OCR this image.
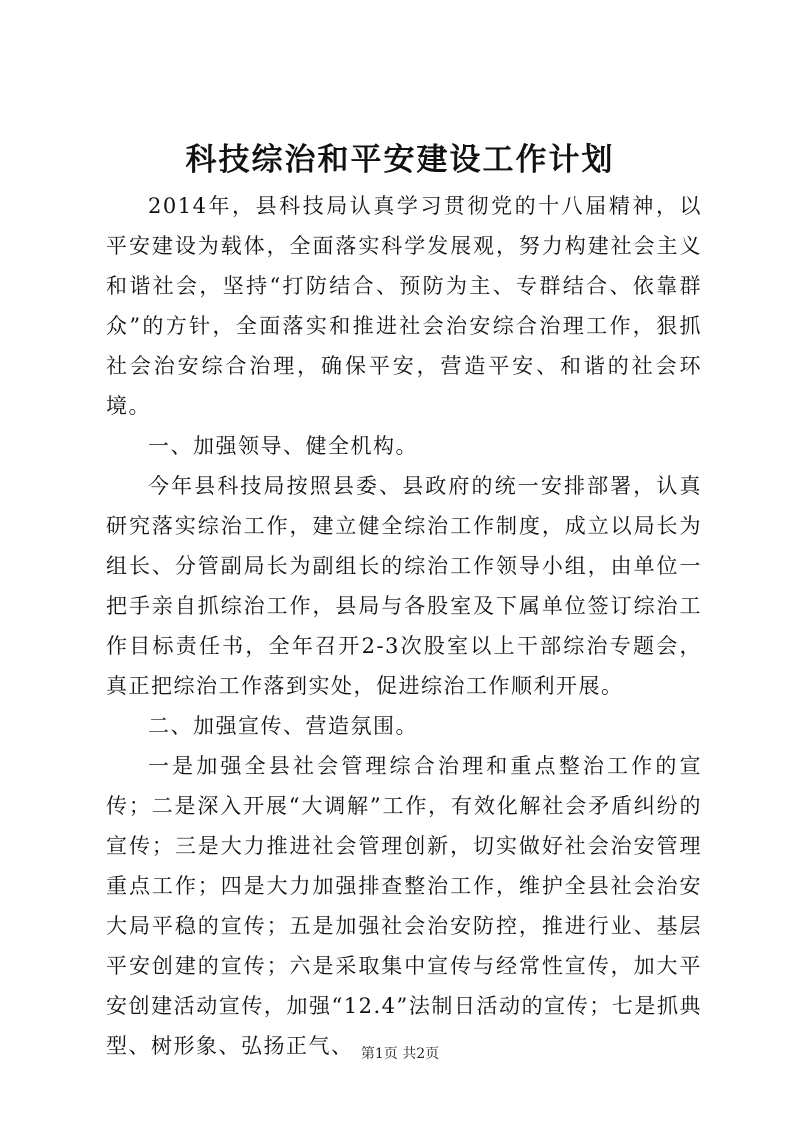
科技综治和平安建设工作计划

2014年，县科技局认真学习贯彻党的十八届精神，以平安建设为载体，全面落实科学发展观，努力构建社会主义和谐社会，坚持“打防结合、预防为主、专群结合、依靠群众”的方针，全面落实和推进社会治安综合治理工作，狠抓社会治安综合治理，确保平安，营造平安、和谐的社会环境。

一、加强领导、健全机构。

今年县科技局按照县委、县政府的统一安排部署，认真研究落实综治工作，建立健全综治工作制度，成立以局长为组长、分管副局长为副组长的综治工作领导小组，由单位一把手亲自抓综治工作，县局与各股室及下属单位签订综治工作目标责任书，全年召开2-3次股室以上干部综治专题会，真正把综治工作落到实处，促进综治工作顺利开展。

二、加强宣传、营造氛围。

一是加强全县社会管理综合治理和重点整治工作的宣传；二是深入开展“大调解”工作，有效化解社会矛盾纠纷的宣传；三是大力推进社会管理创新，切实做好社会治安管理重点工作；四是大力加强排查整治工作，维护全县社会治安大局平稳的宣传；五是加强社会治安防控，推进行业、基层平安创建的宣传；六是采取集中宣传与经常性宣传，加大平安创建活动宣传，加强“12.4”法制日活动的宣传；七是抓典型、树形象、弘扬正气、 第1页 共2页
